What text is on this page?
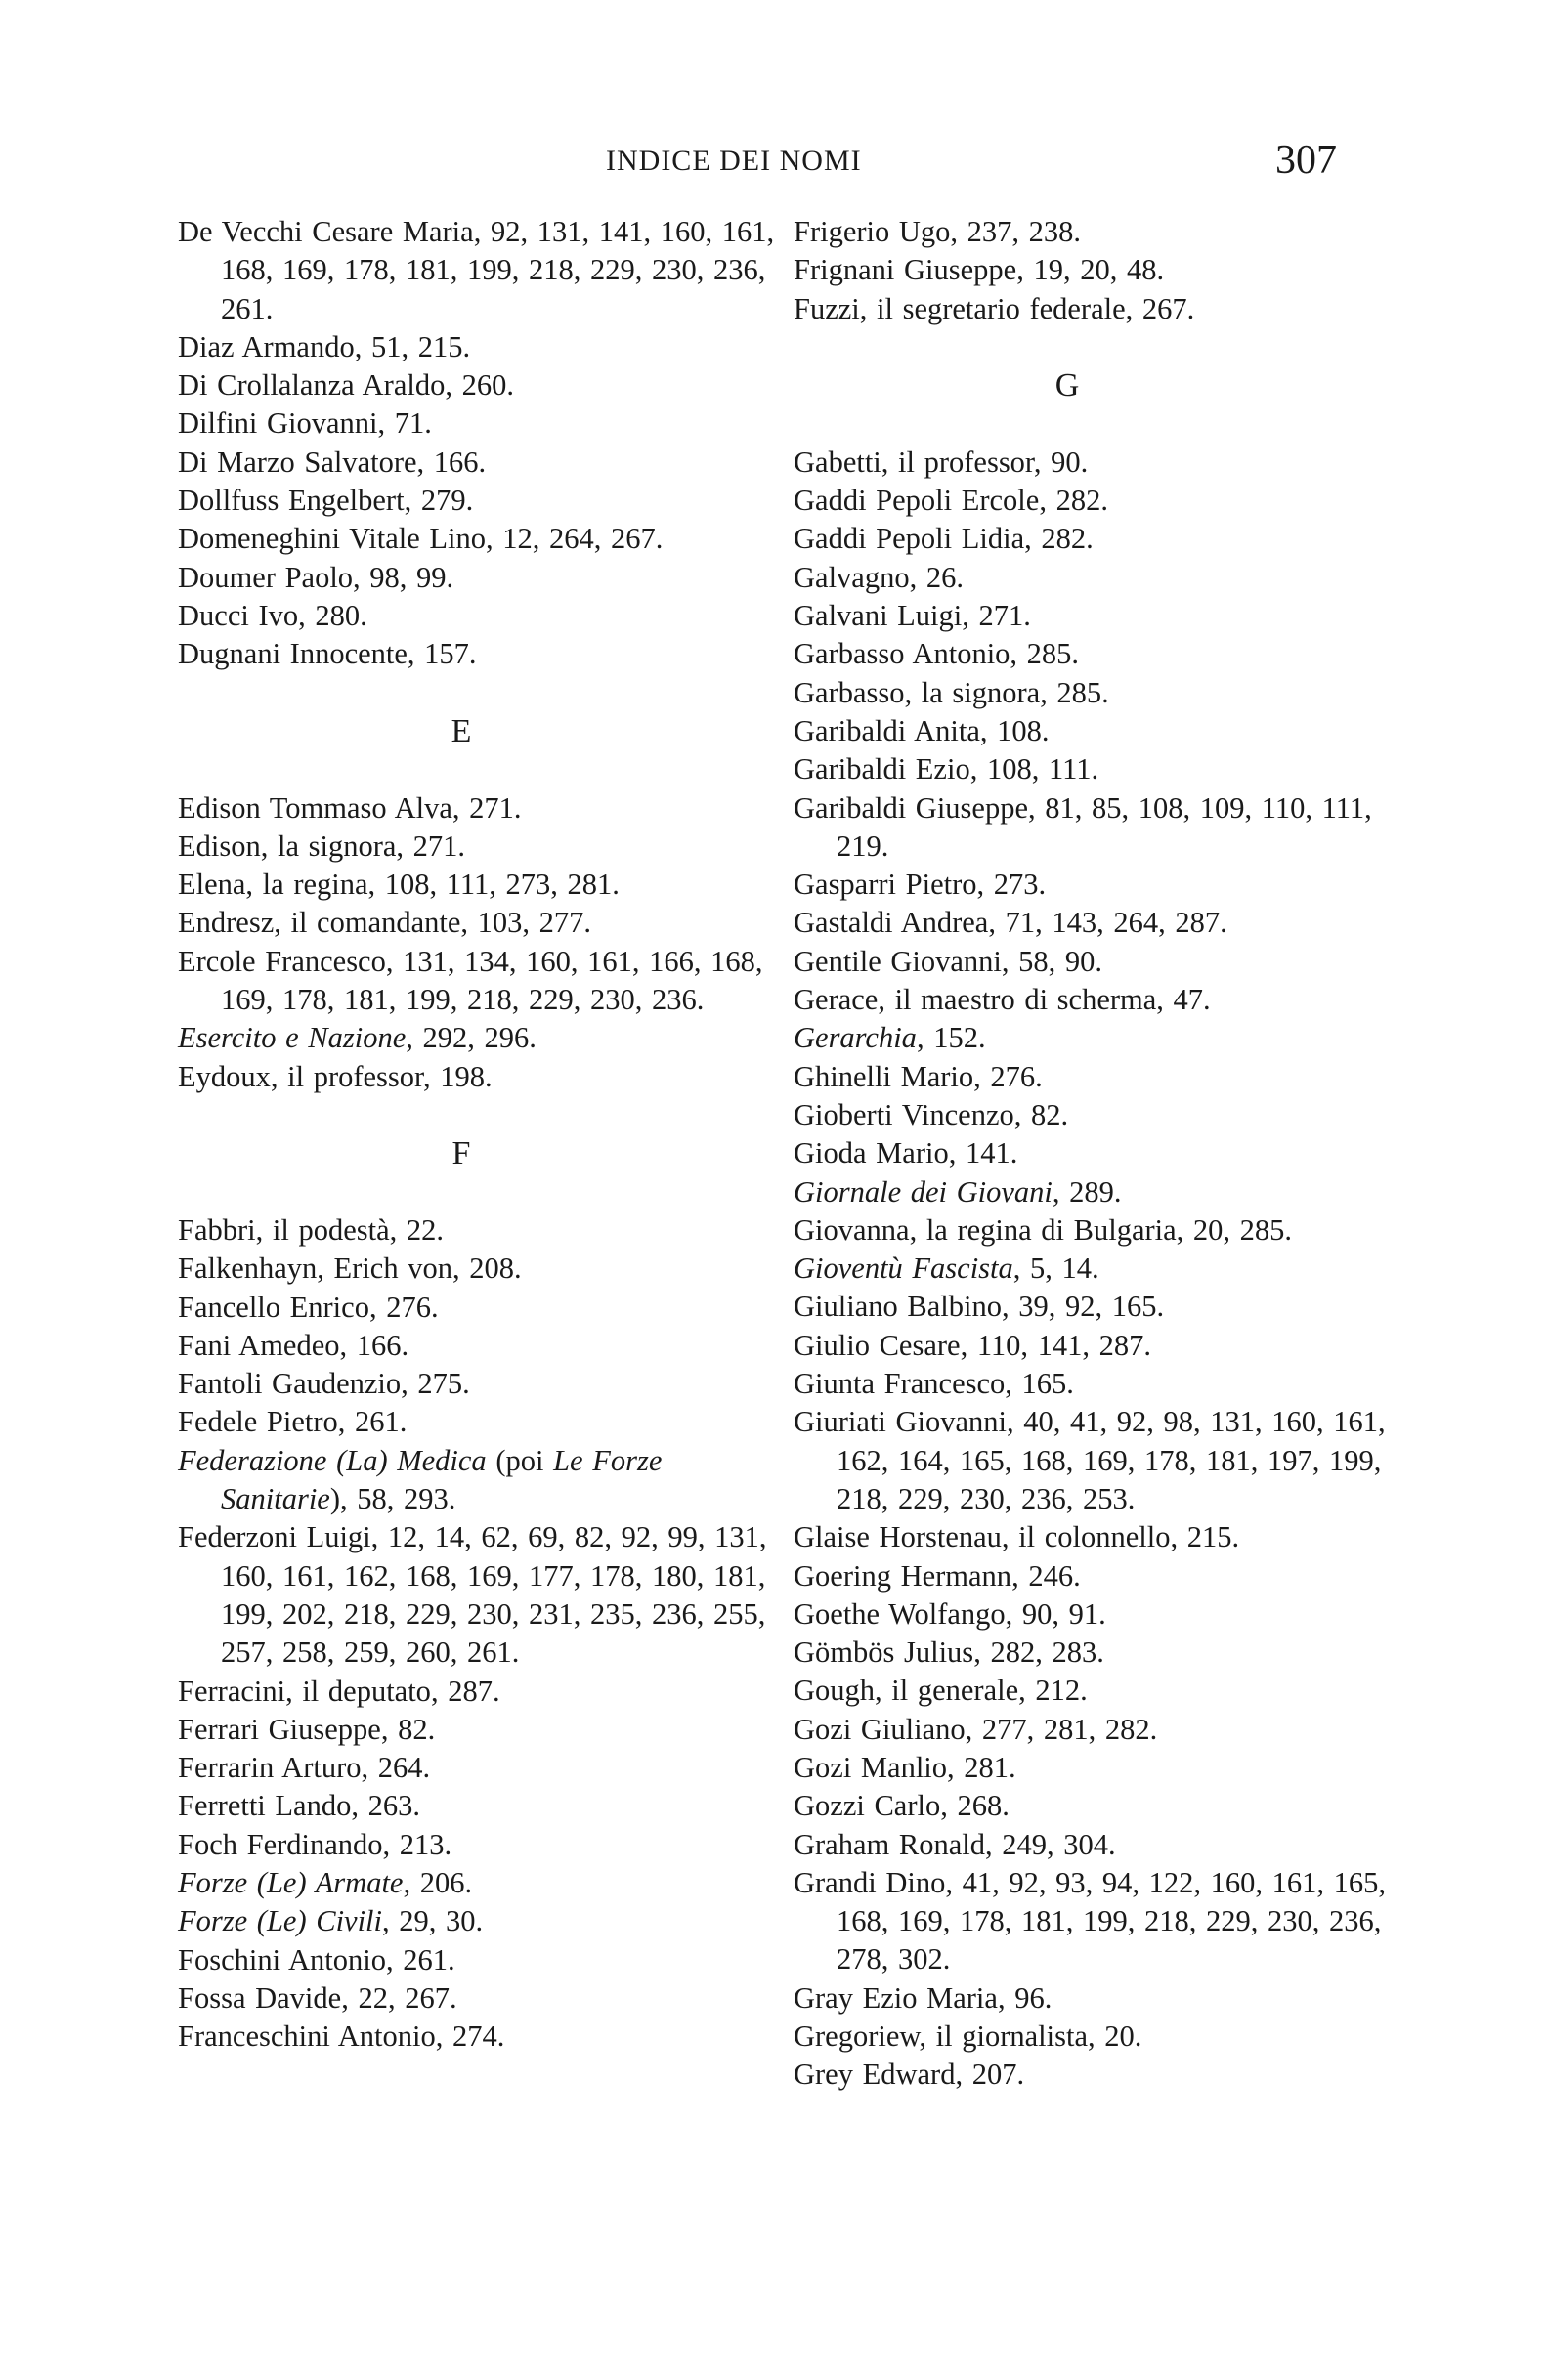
INDICE DEI NOMI	307
De Vecchi Cesare Maria, 92, 131, 141, 160, 161, 168, 169, 178, 181, 199, 218, 229, 230, 236, 261.
Diaz Armando, 51, 215.
Di Crollalanza Araldo, 260.
Dilfini Giovanni, 71.
Di Marzo Salvatore, 166.
Dollfuss Engelbert, 279.
Domeneghini Vitale Lino, 12, 264, 267.
Doumer Paolo, 98, 99.
Ducci Ivo, 280.
Dugnani Innocente, 157.
E
Edison Tommaso Alva, 271.
Edison, la signora, 271.
Elena, la regina, 108, 111, 273, 281.
Endresz, il comandante, 103, 277.
Ercole Francesco, 131, 134, 160, 161, 166, 168, 169, 178, 181, 199, 218, 229, 230, 236.
Esercito e Nazione, 292, 296.
Eydoux, il professor, 198.
F
Fabbri, il podestà, 22.
Falkenhayn, Erich von, 208.
Fancello Enrico, 276.
Fani Amedeo, 166.
Fantoli Gaudenzio, 275.
Fedele Pietro, 261.
Federazione (La) Medica (poi Le Forze Sanitarie), 58, 293.
Federzoni Luigi, 12, 14, 62, 69, 82, 92, 99, 131, 160, 161, 162, 168, 169, 177, 178, 180, 181, 199, 202, 218, 229, 230, 231, 235, 236, 255, 257, 258, 259, 260, 261.
Ferracini, il deputato, 287.
Ferrari Giuseppe, 82.
Ferrarin Arturo, 264.
Ferretti Lando, 263.
Foch Ferdinando, 213.
Forze (Le) Armate, 206.
Forze (Le) Civili, 29, 30.
Foschini Antonio, 261.
Fossa Davide, 22, 267.
Franceschini Antonio, 274.
Frigerio Ugo, 237, 238.
Frignani Giuseppe, 19, 20, 48.
Fuzzi, il segretario federale, 267.
G
Gabetti, il professor, 90.
Gaddi Pepoli Ercole, 282.
Gaddi Pepoli Lidia, 282.
Galvagno, 26.
Galvani Luigi, 271.
Garbasso Antonio, 285.
Garbasso, la signora, 285.
Garibaldi Anita, 108.
Garibaldi Ezio, 108, 111.
Garibaldi Giuseppe, 81, 85, 108, 109, 110, 111, 219.
Gasparri Pietro, 273.
Gastaldi Andrea, 71, 143, 264, 287.
Gentile Giovanni, 58, 90.
Gerace, il maestro di scherma, 47.
Gerarchia, 152.
Ghinelli Mario, 276.
Gioberti Vincenzo, 82.
Gioda Mario, 141.
Giornale dei Giovani, 289.
Giovanna, la regina di Bulgaria, 20, 285.
Gioventù Fascista, 5, 14.
Giuliano Balbino, 39, 92, 165.
Giulio Cesare, 110, 141, 287.
Giunta Francesco, 165.
Giuriati Giovanni, 40, 41, 92, 98, 131, 160, 161, 162, 164, 165, 168, 169, 178, 181, 197, 199, 218, 229, 230, 236, 253.
Glaise Horstenau, il colonnello, 215.
Goering Hermann, 246.
Goethe Wolfango, 90, 91.
Gömbös Julius, 282, 283.
Gough, il generale, 212.
Gozi Giuliano, 277, 281, 282.
Gozi Manlio, 281.
Gozzi Carlo, 268.
Graham Ronald, 249, 304.
Grandi Dino, 41, 92, 93, 94, 122, 160, 161, 165, 168, 169, 178, 181, 199, 218, 229, 230, 236, 278, 302.
Gray Ezio Maria, 96.
Gregoriew, il giornalista, 20.
Grey Edward, 207.
